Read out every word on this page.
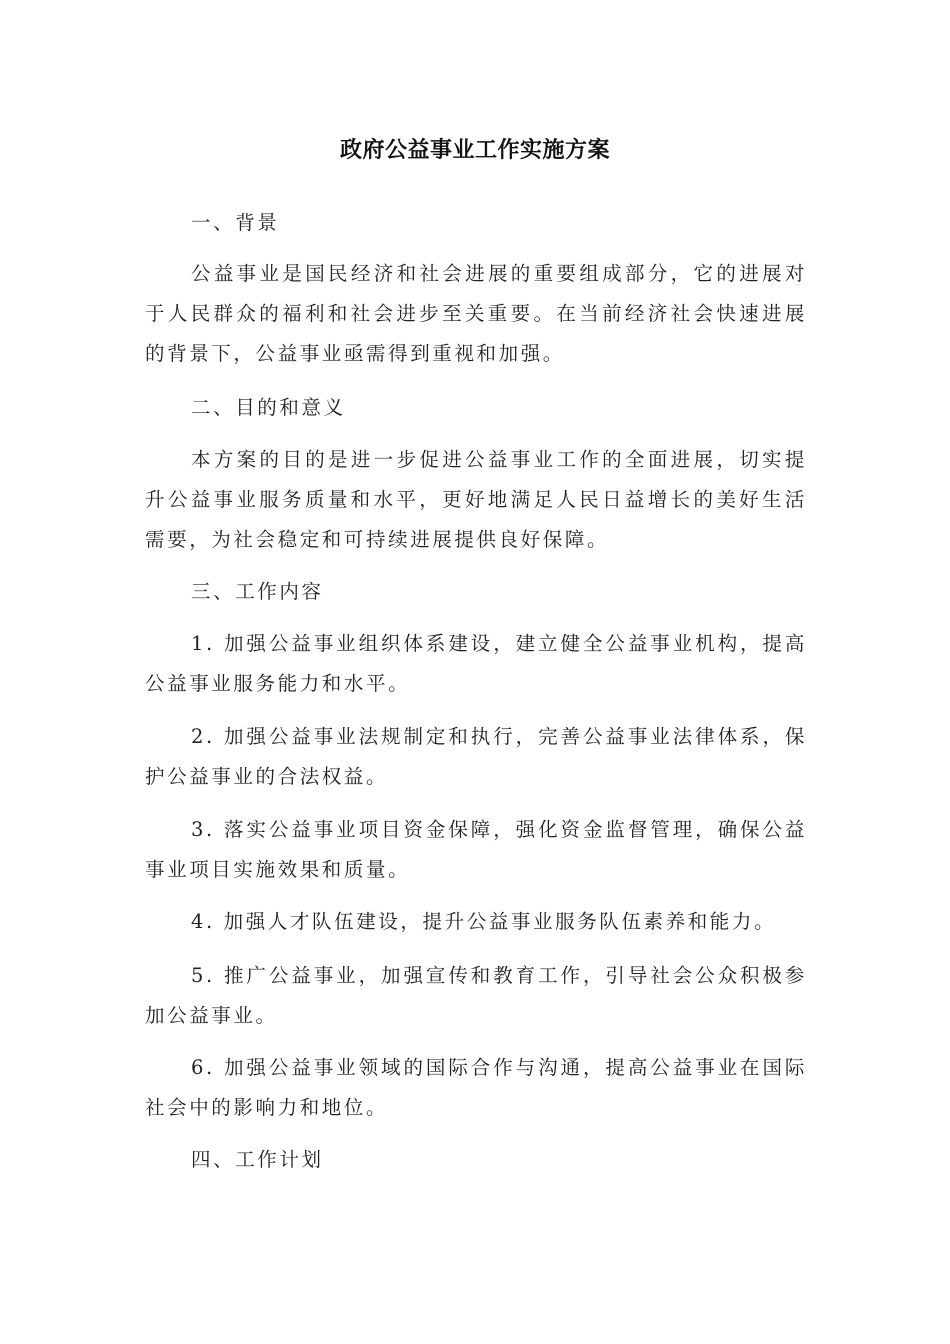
政府公益事业工作实施方案

一、背景

公益事业是国民经济和社会进展的重要组成部分，它的进展对于人民群众的福利和社会进步至关重要。在当前经济社会快速进展的背景下，公益事业亟需得到重视和加强。

二、目的和意义

本方案的目的是进一步促进公益事业工作的全面进展，切实提升公益事业服务质量和水平，更好地满足人民日益增长的美好生活需要，为社会稳定和可持续进展提供良好保障。

三、工作内容

1. 加强公益事业组织体系建设，建立健全公益事业机构，提高公益事业服务能力和水平。

2. 加强公益事业法规制定和执行，完善公益事业法律体系，保护公益事业的合法权益。

3. 落实公益事业项目资金保障，强化资金监督管理，确保公益事业项目实施效果和质量。

4. 加强人才队伍建设，提升公益事业服务队伍素养和能力。

5. 推广公益事业，加强宣传和教育工作，引导社会公众积极参加公益事业。

6. 加强公益事业领域的国际合作与沟通，提高公益事业在国际社会中的影响力和地位。

四、工作计划
